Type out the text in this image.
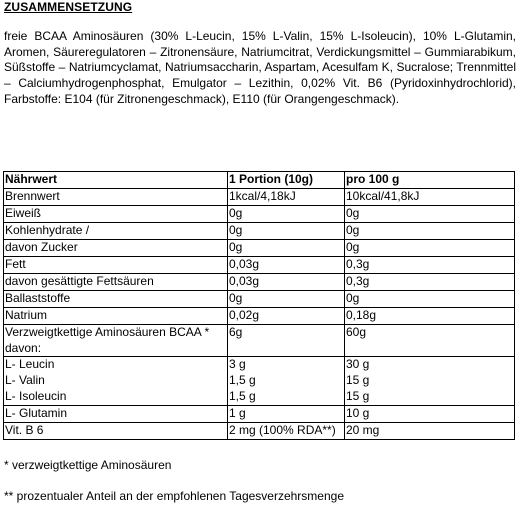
ZUSAMMENSETZUNG
freie BCAA Aminosäuren (30% L-Leucin, 15% L-Valin, 15% L-Isoleucin), 10% L-Glutamin, Aromen, Säureregulatoren – Zitronensäure, Natriumcitrat, Verdickungsmittel – Gummiarabikum, Süßstoffe – Natriumcyclamat, Natriumsaccharin, Aspartam, Acesulfam K, Sucralose; Trennmittel – Calciumhydrogenphosphat, Emulgator – Lezithin, 0,02% Vit. B6 (Pyridoxinhydrochlorid), Farbstoffe: E104 (für Zitronengeschmack), E110 (für Orangengeschmack).
Nährwert	1 Portion (10g)	pro 100 g
Brennwert	1kcal/4,18kJ	10kcal/41,8kJ
Eiweiß	0g	0g
Kohlenhydrate /	0g	0g
davon Zucker	0g	0g
Fett	0,03g	0,3g
davon gesättigte Fettsäuren	0,03g	0,3g
Ballaststoffe	0g	0g
Natrium	0,02g	0,18g

Verzweigtkettige Aminosäuren BCAA *
davon:	6g	60g
L- Leucin	3 g	30 g
L- Valin	1,5 g	15 g
L- Isoleucin	1,5 g	15 g
L- Glutamin	1 g	10 g
Vit. B 6	2 mg (100% RDA**)	20 mg
* verzweigtkettige Aminosäuren
** prozentualer Anteil an der empfohlenen Tagesverzehrsmenge
